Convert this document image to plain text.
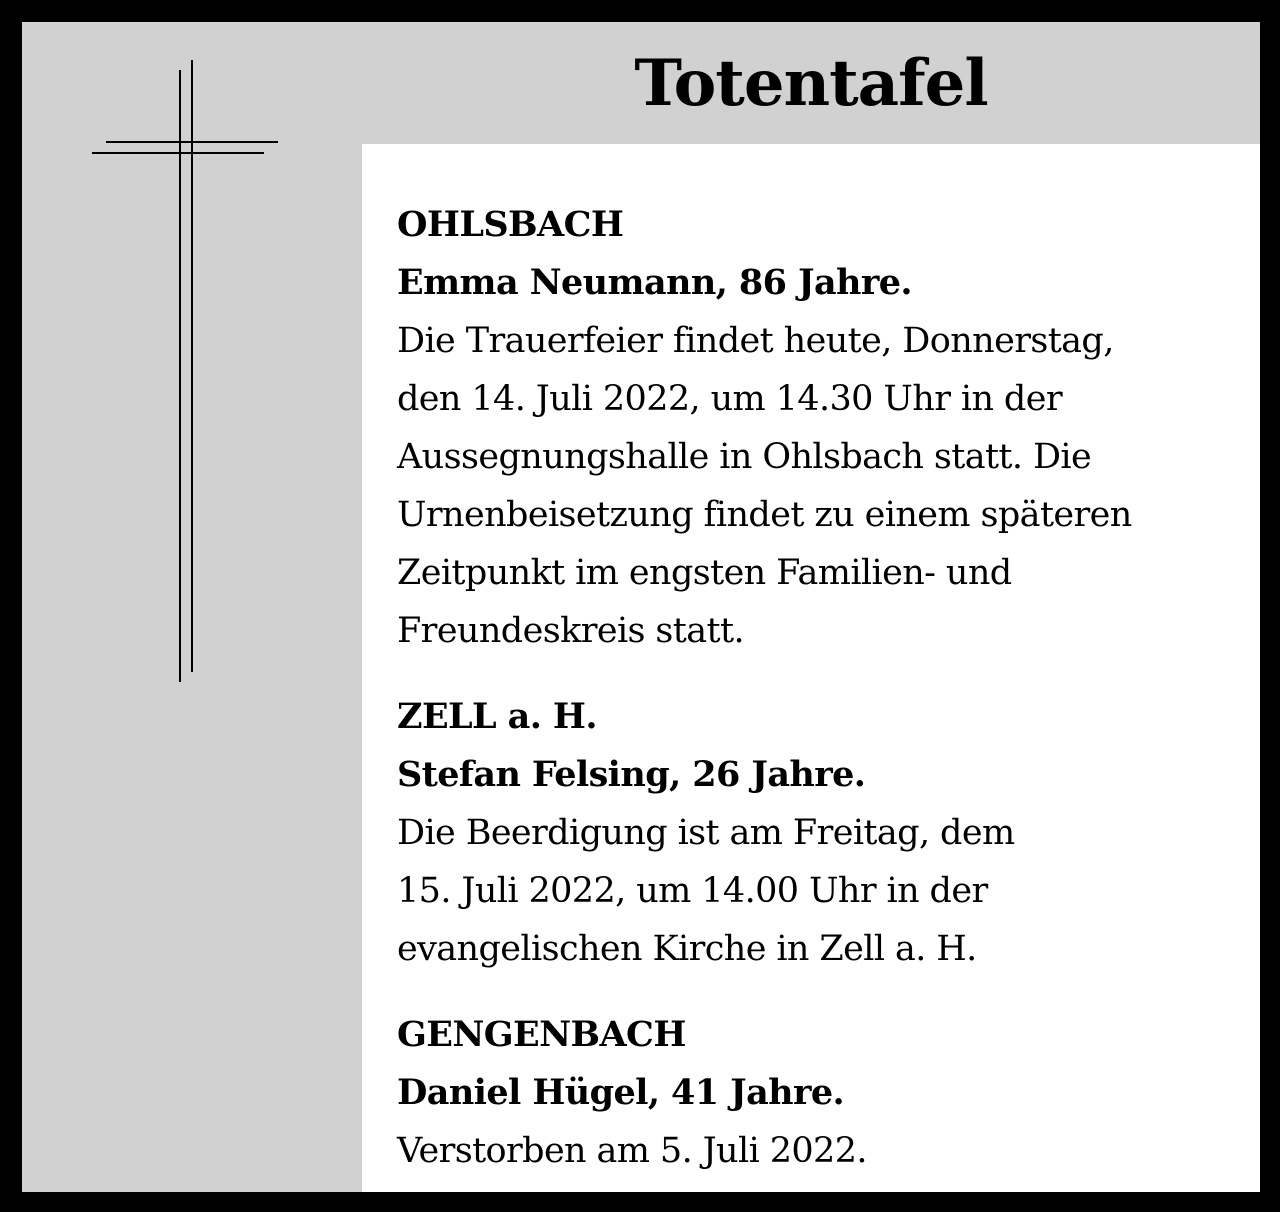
Totentafel
OHLSBACH
Emma Neumann, 86 Jahre.
Die Trauerfeier findet heute, Donnerstag,
den 14. Juli 2022, um 14.30 Uhr in der
Aussegnungshalle in Ohlsbach statt. Die
Urnenbeisetzung findet zu einem späteren
Zeitpunkt im engsten Familien- und
Freundeskreis statt.
ZELL a. H.
Stefan Felsing, 26 Jahre.
Die Beerdigung ist am Freitag, dem
15. Juli 2022, um 14.00 Uhr in der
evangelischen Kirche in Zell a. H.
GENGENBACH
Daniel Hügel, 41 Jahre.
Verstorben am 5. Juli 2022.
